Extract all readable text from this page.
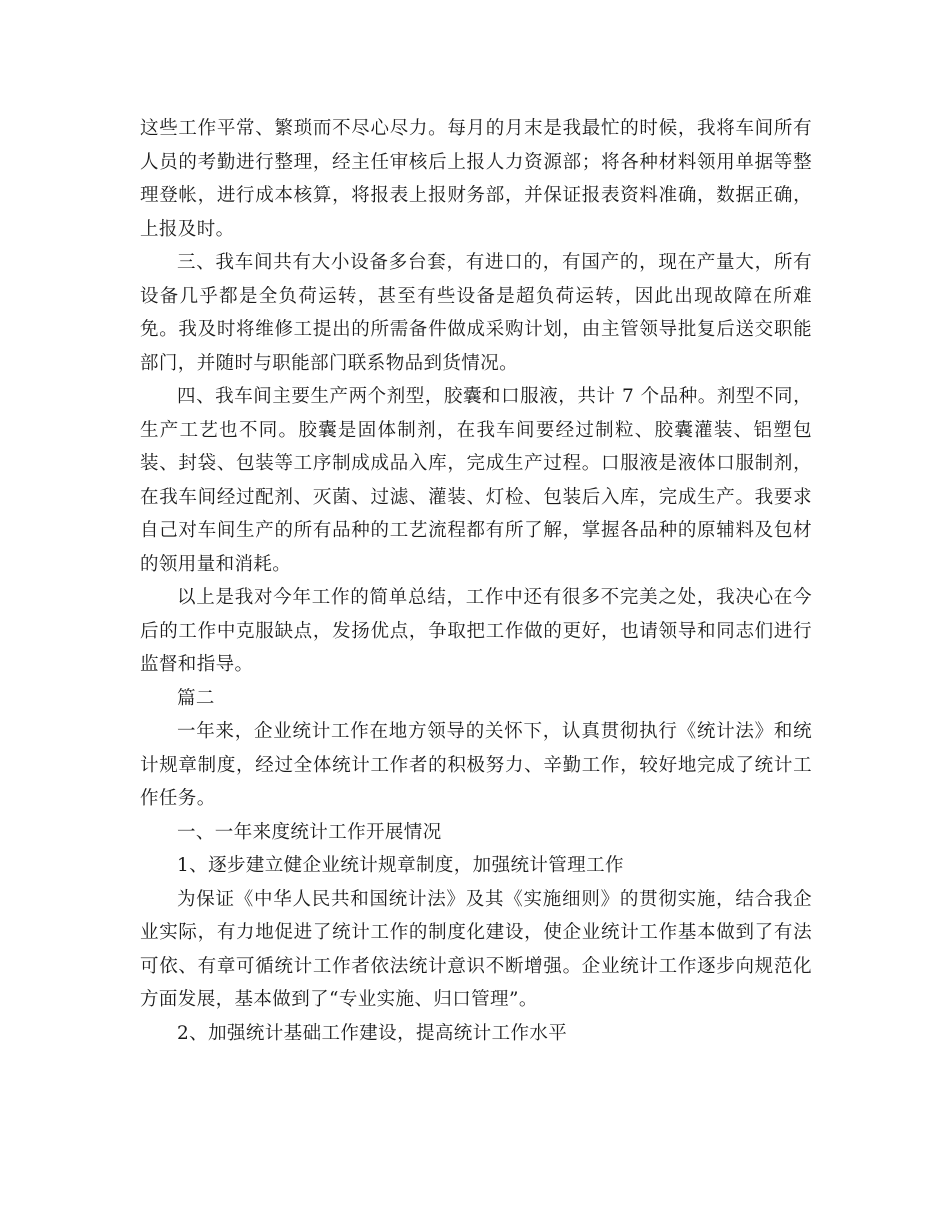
这些工作平常、繁琐而不尽心尽力。每月的月末是我最忙的时候，我将车间所有人员的考勤进行整理，经主任审核后上报人力资源部；将各种材料领用单据等整理登帐，进行成本核算，将报表上报财务部，并保证报表资料准确，数据正确，上报及时。

三、我车间共有大小设备多台套，有进口的，有国产的，现在产量大，所有设备几乎都是全负荷运转，甚至有些设备是超负荷运转，因此出现故障在所难免。我及时将维修工提出的所需备件做成采购计划，由主管领导批复后送交职能部门，并随时与职能部门联系物品到货情况。

四、我车间主要生产两个剂型，胶囊和口服液，共计 7 个品种。剂型不同，生产工艺也不同。胶囊是固体制剂，在我车间要经过制粒、胶囊灌装、铝塑包装、封袋、包装等工序制成成品入库，完成生产过程。口服液是液体口服制剂，在我车间经过配剂、灭菌、过滤、灌装、灯检、包装后入库，完成生产。我要求自己对车间生产的所有品种的工艺流程都有所了解，掌握各品种的原辅料及包材的领用量和消耗。

以上是我对今年工作的简单总结，工作中还有很多不完美之处，我决心在今后的工作中克服缺点，发扬优点，争取把工作做的更好，也请领导和同志们进行监督和指导。

篇二

一年来，企业统计工作在地方领导的关怀下，认真贯彻执行《统计法》和统计规章制度，经过全体统计工作者的积极努力、辛勤工作，较好地完成了统计工作任务。

一、一年来度统计工作开展情况

1、逐步建立健企业统计规章制度，加强统计管理工作

为保证《中华人民共和国统计法》及其《实施细则》的贯彻实施，结合我企业实际，有力地促进了统计工作的制度化建设，使企业统计工作基本做到了有法可依、有章可循统计工作者依法统计意识不断增强。企业统计工作逐步向规范化方面发展，基本做到了“专业实施、归口管理”。

2、加强统计基础工作建设，提高统计工作水平
